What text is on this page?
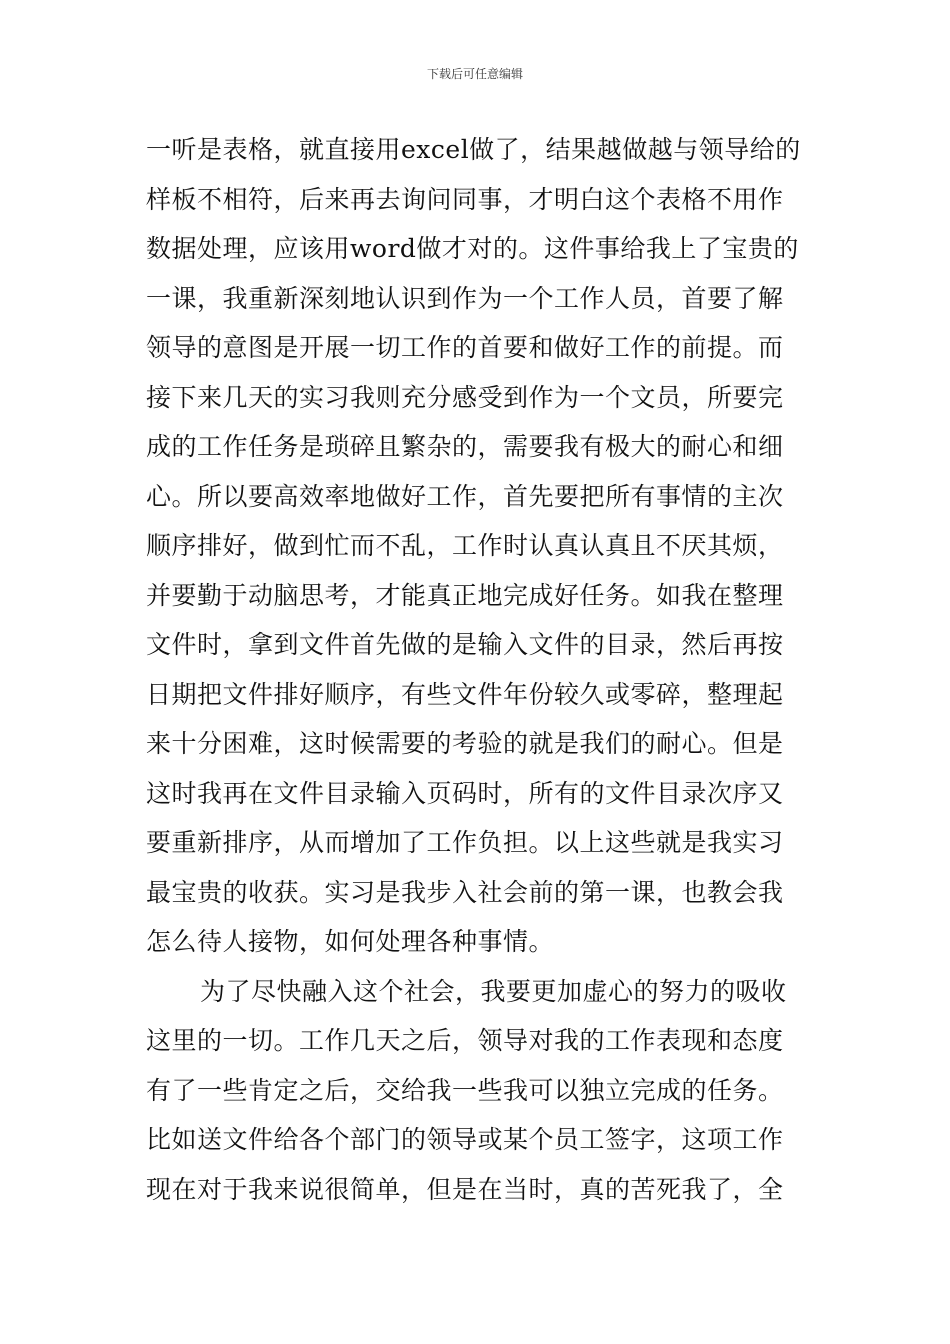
下载后可任意编辑
一听是表格，就直接用excel做了，结果越做越与领导给的
样板不相符，后来再去询问同事，才明白这个表格不用作
数据处理，应该用word做才对的。这件事给我上了宝贵的
一课，我重新深刻地认识到作为一个工作人员，首要了解
领导的意图是开展一切工作的首要和做好工作的前提。而
接下来几天的实习我则充分感受到作为一个文员，所要完
成的工作任务是琐碎且繁杂的，需要我有极大的耐心和细
心。所以要高效率地做好工作，首先要把所有事情的主次
顺序排好，做到忙而不乱，工作时认真认真且不厌其烦，
并要勤于动脑思考，才能真正地完成好任务。如我在整理
文件时，拿到文件首先做的是输入文件的目录，然后再按
日期把文件排好顺序，有些文件年份较久或零碎，整理起
来十分困难，这时候需要的考验的就是我们的耐心。但是
这时我再在文件目录输入页码时，所有的文件目录次序又
要重新排序，从而增加了工作负担。以上这些就是我实习
最宝贵的收获。实习是我步入社会前的第一课，也教会我
怎么待人接物，如何处理各种事情。
为了尽快融入这个社会，我要更加虚心的努力的吸收
这里的一切。工作几天之后，领导对我的工作表现和态度
有了一些肯定之后，交给我一些我可以独立完成的任务。
比如送文件给各个部门的领导或某个员工签字，这项工作
现在对于我来说很简单，但是在当时，真的苦死我了，全
